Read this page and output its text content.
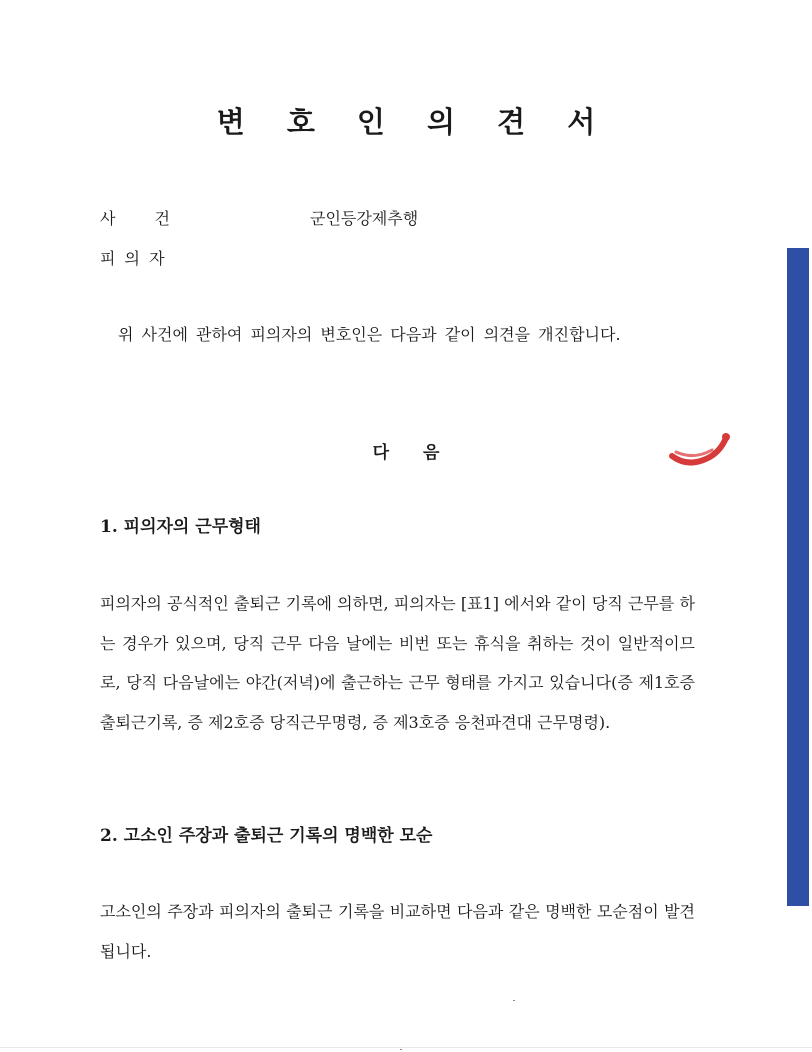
변 호 인 의 견 서
사 건	군인등강제추행
피 의 자
위 사건에 관하여 피의자의 변호인은 다음과 같이 의견을 개진합니다.
다 음
1. 피의자의 근무형태
피의자의 공식적인 출퇴근 기록에 의하면, 피의자는 [표1] 에서와 같이 당직 근무를 하는 경우가 있으며, 당직 근무 다음 날에는 비번 또는 휴식을 취하는 것이 일반적이므로, 당직 다음날에는 야간(저녁)에 출근하는 근무 형태를 가지고 있습니다(증 제1호증 출퇴근기록, 증 제2호증 당직근무명령, 증 제3호증 응천파견대 근무명령).
2. 고소인 주장과 출퇴근 기록의 명백한 모순
고소인의 주장과 피의자의 출퇴근 기록을 비교하면 다음과 같은 명백한 모순점이 발견됩니다.
